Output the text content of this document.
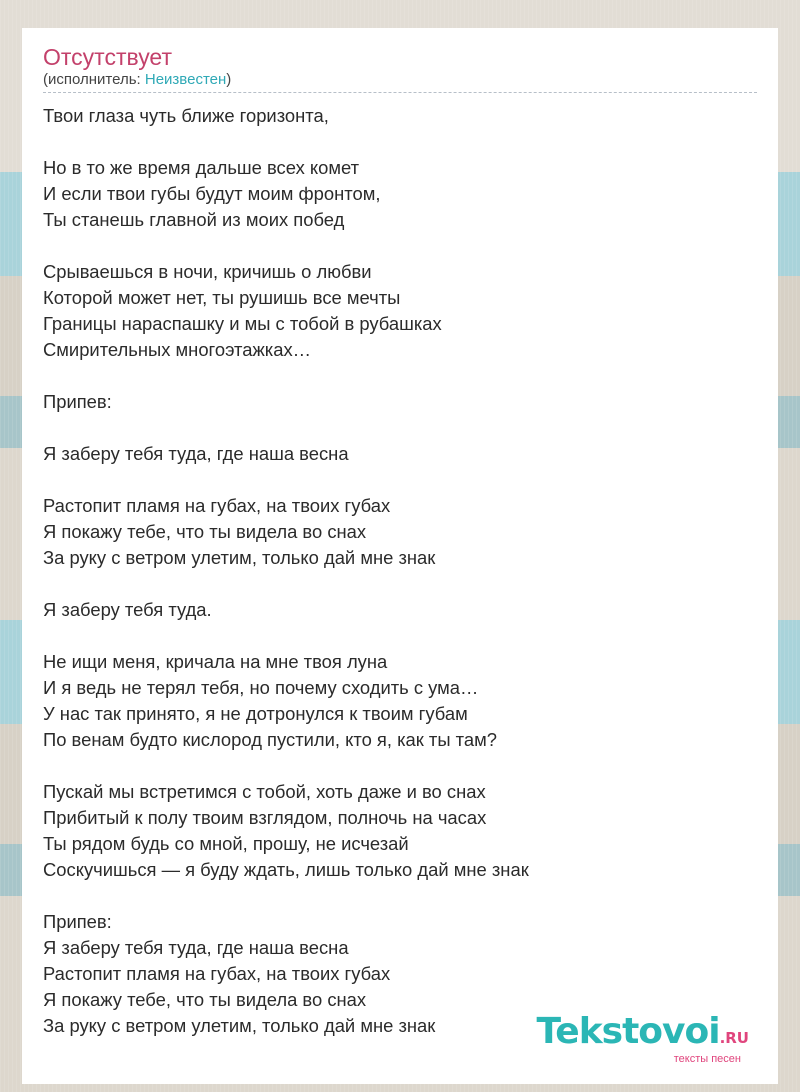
Отсутствует
(исполнитель: Неизвестен)
Твои глаза чуть ближе горизонта,
Но в то же время дальше всех комет
И если твои губы будут моим фронтом,
Ты станешь главной из моих побед
Срываешься в ночи, кричишь о любви
Которой может нет, ты рушишь все мечты
Границы нараспашку и мы с тобой в рубашках
Смирительных многоэтажках…
Припев:
Я заберу тебя туда, где наша весна
Растопит пламя на губах, на твоих губах
Я покажу тебе, что ты видела во снах
За руку с ветром улетим, только дай мне знак
Я заберу тебя туда.
Не ищи меня, кричала на мне твоя луна
И я ведь не терял тебя, но почему сходить с ума…
У нас так принято, я не дотронулся к твоим губам
По венам будто кислород пустили, кто я, как ты там?
Пускай мы встретимся с тобой, хоть даже и во снах
Прибитый к полу твоим взглядом, полночь на часах
Ты рядом будь со мной, прошу, не исчезай
Соскучишься — я буду ждать, лишь только дай мне знак
Припев:
Я заберу тебя туда, где наша весна
Растопит пламя на губах, на твоих губах
Я покажу тебе, что ты видела во снах
За руку с ветром улетим, только дай мне знак	Tekstovoi.RU
тексты песен
